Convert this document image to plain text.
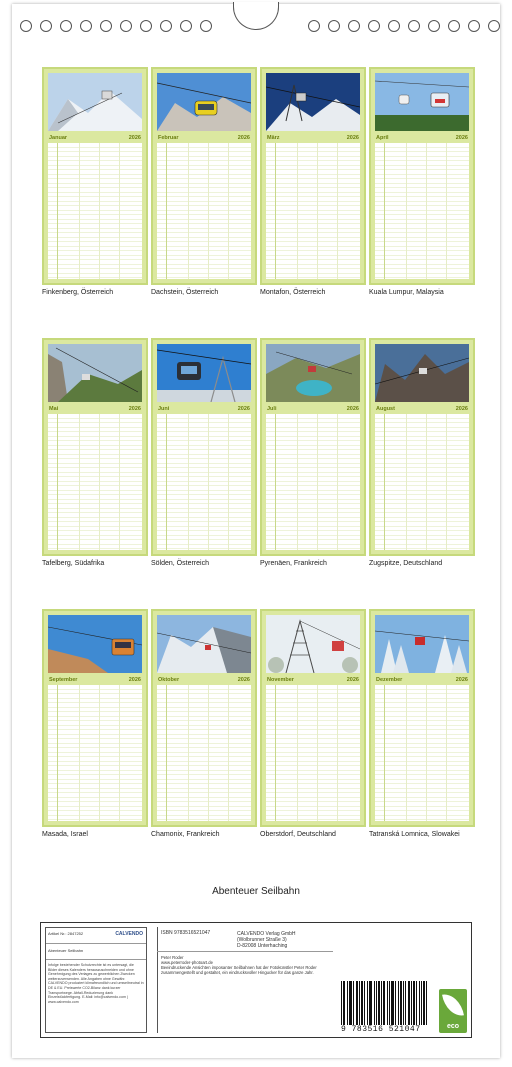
Januar	2026
Finkenberg, Österreich
Februar	2026
Dachstein, Österreich
März	2026
Montafon, Österreich
April	2026
Kuala Lumpur, Malaysia
Mai	2026
Tafelberg, Südafrika
Juni	2026
Sölden, Österreich
Juli	2026
Pyrenäen, Frankreich
August	2026
Zugspitze, Deutschland
September	2026
Masada, Israel
Oktober	2026
Chamonix, Frankreich
November	2026
Oberstdorf, Deutschland
Dezember	2026
Tatranská Lomnica, Slowakei
Abenteuer Seilbahn
Artikel Nr.: 2847252	CALVENDO
Abenteuer Seilbahn
Infolge bestehender Schutzrechte ist es untersagt, die Bilder dieses Kalenders herauszuschneiden und ohne Genehmigung des Verlages zu gewerblichen Zwecken weiterzuverwenden. Alle Angaben ohne Gewähr. CALVENDO produziert klimafreundlich und umweltneutral in DE & EU. Preiswerte CO2-Bilanz dank kurzer Transportwege. Abfall-Reduzierung dank Einzelstückfertigung. E-Mail: info@calvendo.com | www.calvendo.com
ISBN 9783516521047	CALVENDO Verlag GmbH
(Wolbrunner Straße 3)
D-82008 Unterhaching
Peter Roder
www.peterroder-photoart.de
Beeindruckende Ansichten imposanter Seilbahnen hat der Fotokünstler Peter Roder zusammengestellt und gestaltet, ein eindrucksvoller Hingucker für das ganze Jahr.
9 783516 521047	eco
